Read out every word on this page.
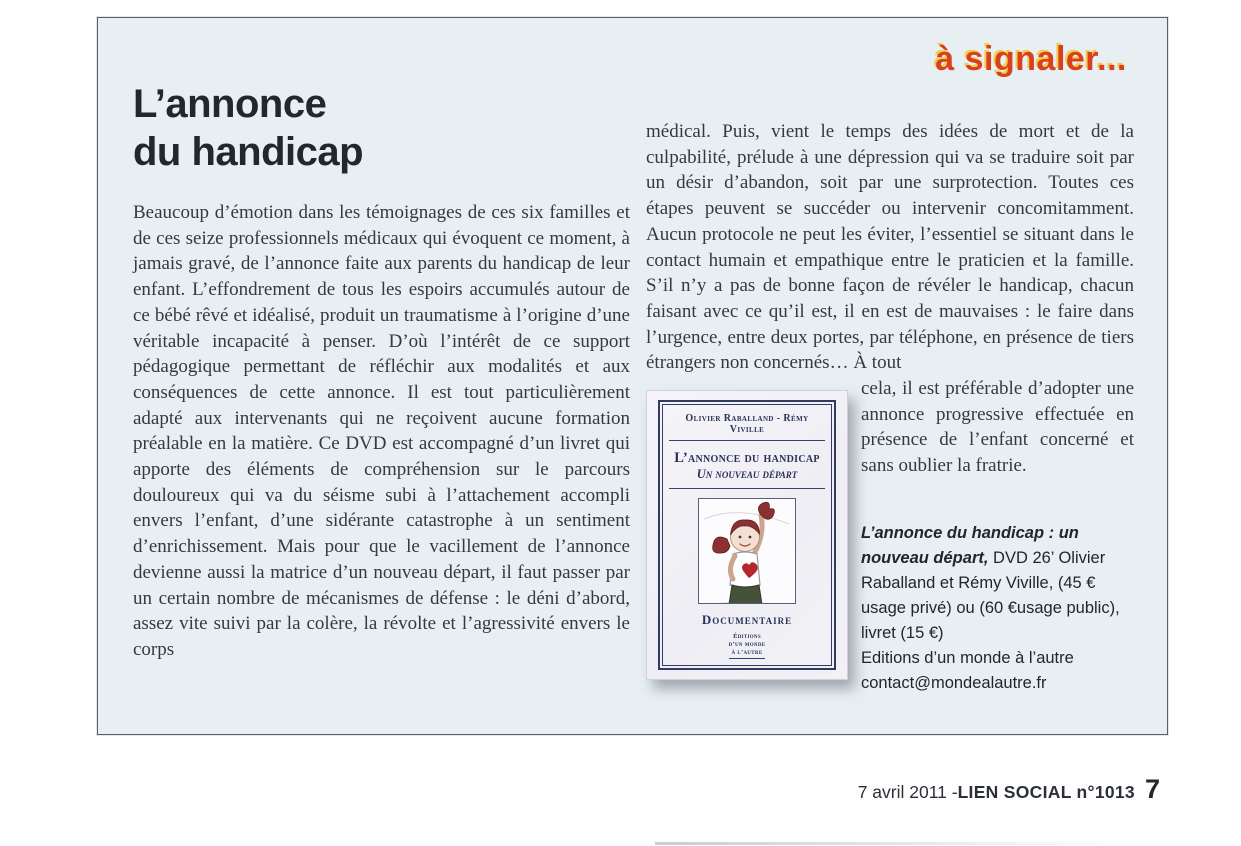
à signaler...
L’annonce
du handicap

Beaucoup d’émotion dans les témoignages de ces six familles et de ces seize professionnels médicaux qui évoquent ce moment, à jamais gravé, de l’annonce faite aux parents du handicap de leur enfant. L’effondrement de tous les espoirs accumulés autour de ce bébé rêvé et idéalisé, produit un traumatisme à l’origine d’une véritable incapacité à penser. D’où l’intérêt de ce support pédagogique permettant de réfléchir aux modalités et aux conséquences de cette annonce. Il est tout particulièrement adapté aux intervenants qui ne reçoivent aucune formation préalable en la matière. Ce DVD est accompagné d’un livret qui apporte des éléments de compréhension sur le parcours douloureux qui va du séisme subi à l’attachement accompli envers l’enfant, d’une sidérante catastrophe à un sentiment d’enrichissement. Mais pour que le vacillement de l’annonce devienne aussi la matrice d’un nouveau départ, il faut passer par un certain nombre de mécanismes de défense : le déni d’abord, assez vite suivi par la colère, la révolte et l’agressivité envers le corps

médical. Puis, vient le temps des idées de mort et de la culpabilité, prélude à une dépression qui va se traduire soit par un désir d’abandon, soit par une surprotection. Toutes ces étapes peuvent se succéder ou intervenir concomitamment. Aucun protocole ne peut les éviter, l’essentiel se situant dans le contact humain et empathique entre le praticien et la famille. S’il n’y a pas de bonne façon de révéler le handicap, chacun faisant avec ce qu’il est, il en est de mauvaises : le faire dans l’urgence, entre deux portes, par téléphone, en présence de tiers étrangers non concernés… À tout

Olivier Raballand - Rémy Viville
L’annonce du handicap
Un nouveau départ
Documentaire
Éditions
d’un monde
à l’autre

cela, il est préférable d’adopter une annonce progressive effectuée en présence de l’enfant concerné et sans oublier la fratrie.

L’annonce du handicap : un nouveau départ, DVD 26’ Olivier Raballand et Rémy Viville, (45 € usage privé) ou (60 €usage public), livret (15 €)
Editions d’un monde à l’autre
contact@mondealautre.fr
7 avril 2011 - LIEN SOCIAL n°1013 7
